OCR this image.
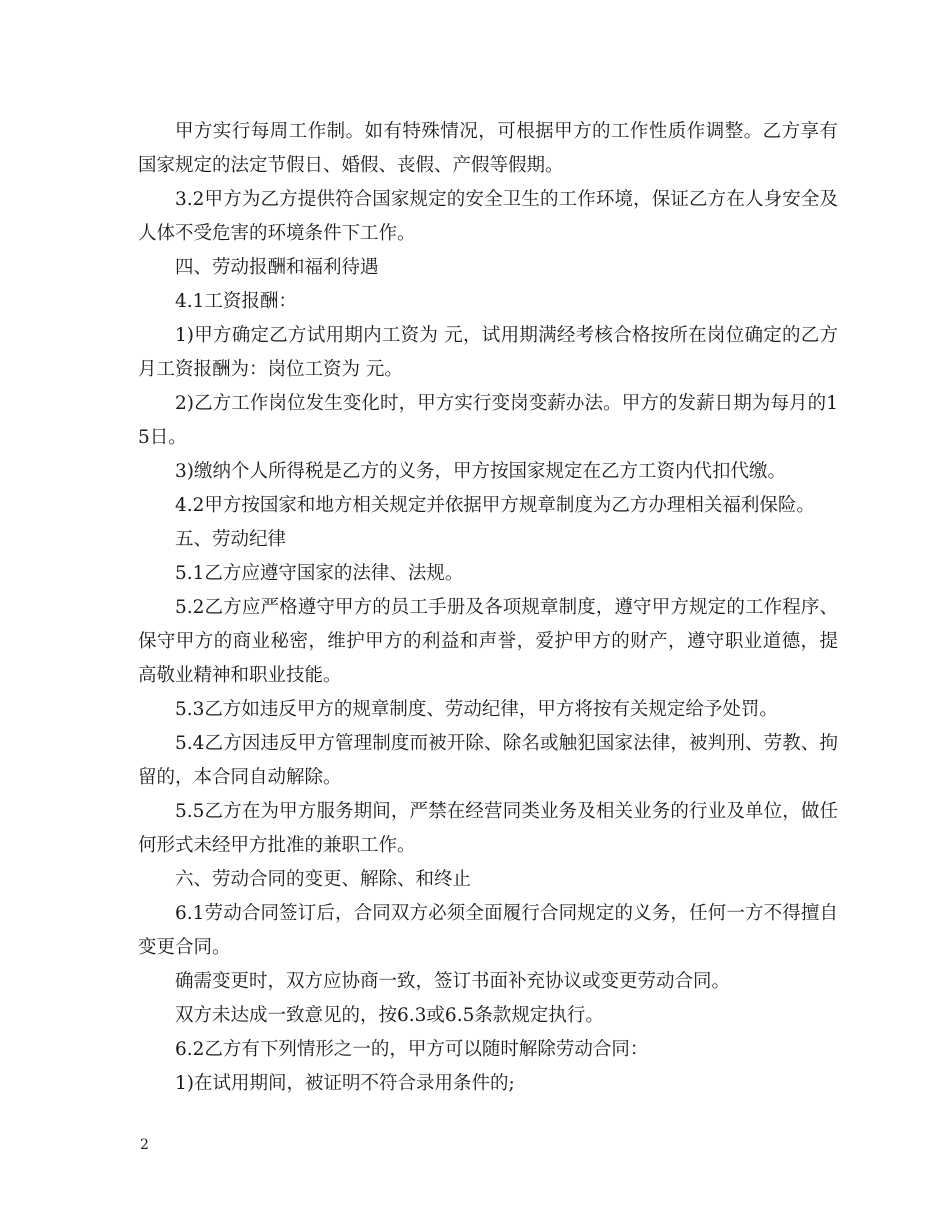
甲方实行每周工作制。如有特殊情况，可根据甲方的工作性质作调整。乙方享有国家规定的法定节假日、婚假、丧假、产假等假期。

3.2甲方为乙方提供符合国家规定的安全卫生的工作环境，保证乙方在人身安全及人体不受危害的环境条件下工作。

四、劳动报酬和福利待遇

4.1工资报酬：

1)甲方确定乙方试用期内工资为 元，试用期满经考核合格按所在岗位确定的乙方月工资报酬为：岗位工资为 元。

2)乙方工作岗位发生变化时，甲方实行变岗变薪办法。甲方的发薪日期为每月的15日。

3)缴纳个人所得税是乙方的义务，甲方按国家规定在乙方工资内代扣代缴。

4.2甲方按国家和地方相关规定并依据甲方规章制度为乙方办理相关福利保险。

五、劳动纪律

5.1乙方应遵守国家的法律、法规。

5.2乙方应严格遵守甲方的员工手册及各项规章制度，遵守甲方规定的工作程序、保守甲方的商业秘密，维护甲方的利益和声誉，爱护甲方的财产，遵守职业道德，提高敬业精神和职业技能。

5.3乙方如违反甲方的规章制度、劳动纪律，甲方将按有关规定给予处罚。

5.4乙方因违反甲方管理制度而被开除、除名或触犯国家法律，被判刑、劳教、拘留的，本合同自动解除。

5.5乙方在为甲方服务期间，严禁在经营同类业务及相关业务的行业及单位，做任何形式未经甲方批准的兼职工作。

六、劳动合同的变更、解除、和终止

6.1劳动合同签订后，合同双方必须全面履行合同规定的义务，任何一方不得擅自变更合同。

确需变更时，双方应协商一致，签订书面补充协议或变更劳动合同。

双方未达成一致意见的，按6.3或6.5条款规定执行。

6.2乙方有下列情形之一的，甲方可以随时解除劳动合同：

1)在试用期间，被证明不符合录用条件的;

2
